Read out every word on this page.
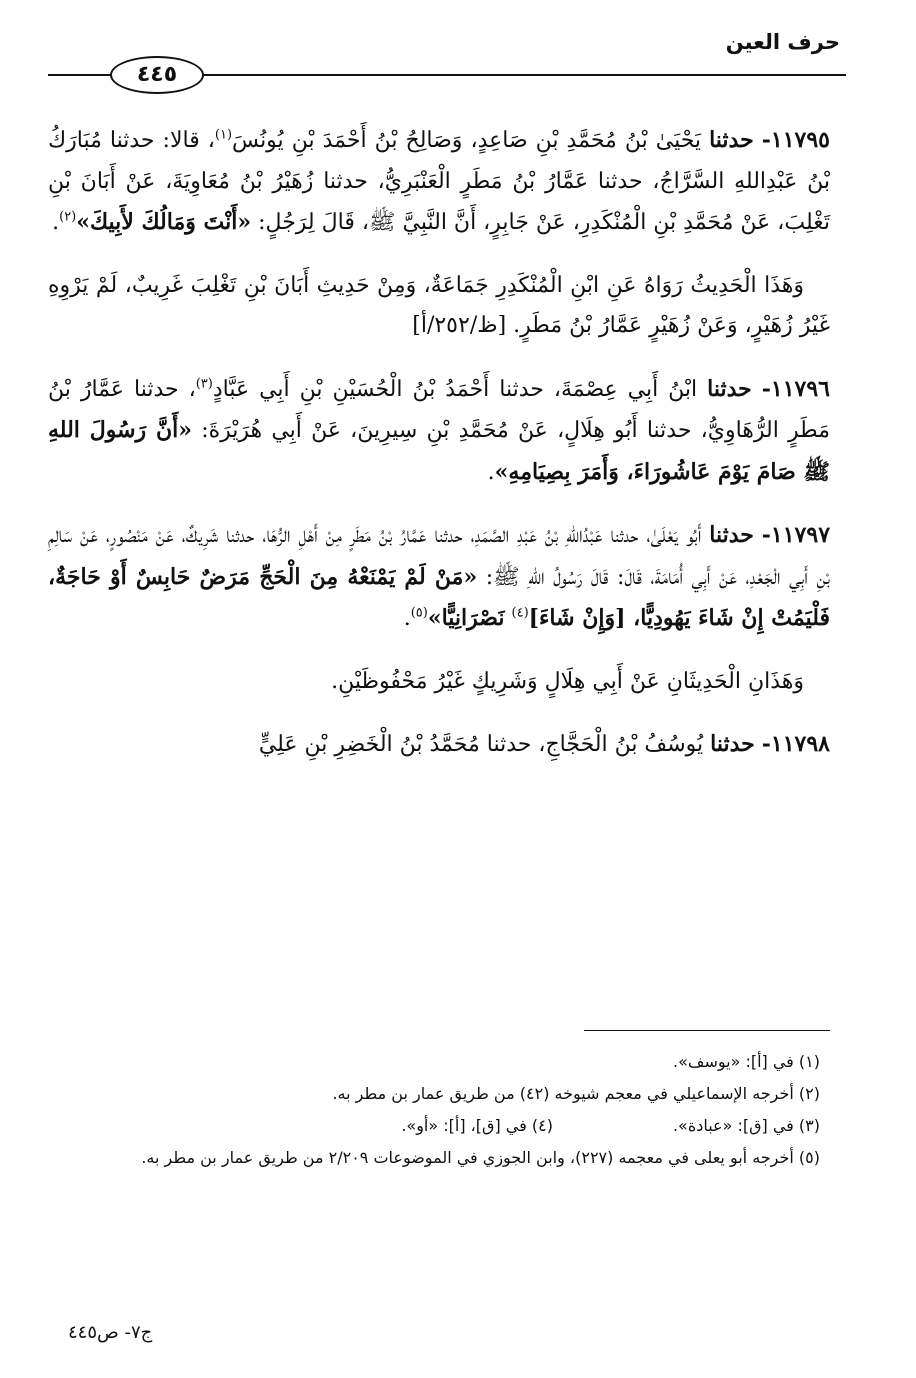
حرف العين
٤٤٥

١١٧٩٥- حدثنا يَحْيَىٰ بْنُ مُحَمَّدِ بْنِ صَاعِدٍ، وَصَالِحُ بْنُ أَحْمَدَ بْنِ يُونُسَ$^{(١)}$، قالا: حدثنا مُبَارَكُ بْنُ عَبْدِاللهِ السَّرَّاجُ، حدثنا عَمَّارُ بْنُ مَطَرٍ الْعَنْبَرِيُّ، حدثنا زُهَيْرُ بْنُ مُعَاوِيَةَ، عَنْ أَبَانَ بْنِ تَغْلِبَ، عَنْ مُحَمَّدِ بْنِ الْمُنْكَدِرِ، عَنْ جَابِرٍ، أَنَّ النَّبِيَّ ﷺ، قَالَ لِرَجُلٍ: «أَنْتَ وَمَالُكَ لأَبِيكَ»$^{(٢)}$.

وَهَذَا الْحَدِيثُ رَوَاهُ عَنِ ابْنِ الْمُنْكَدِرِ جَمَاعَةٌ، وَمِنْ حَدِيثِ أَبَانَ بْنِ تَغْلِبَ غَرِيبٌ، لَمْ يَرْوِهِ غَيْرُ زُهَيْرٍ، وَعَنْ زُهَيْرٍ عَمَّارُ بْنُ مَطَرٍ. [ظ/٢٥٢/أ]

١١٧٩٦- حدثنا ابْنُ أَبِي عِصْمَةَ، حدثنا أَحْمَدُ بْنُ الْحُسَيْنِ بْنِ أَبِي عَبَّادٍ$^{(٣)}$، حدثنا عَمَّارُ بْنُ مَطَرٍ الرُّهَاوِيُّ، حدثنا أَبُو هِلَالٍ، عَنْ مُحَمَّدِ بْنِ سِيرِينَ، عَنْ أَبِي هُرَيْرَةَ: «أَنَّ رَسُولَ اللهِ ﷺ صَامَ يَوْمَ عَاشُورَاءَ، وَأَمَرَ بِصِيَامِهِ».

١١٧٩٧- حدثنا أَبُو يَعْلَىٰ، حدثنا عَبْدُاللهِ بْنُ عَبْدِ الصَّمَدِ، حدثنا عَمَّارُ بْنُ مَطَرٍ مِنْ أَهْلِ الرُّهَا، حدثنا شَرِيكٌ، عَنْ مَنْصُورٍ، عَنْ سَالِمِ بْنِ أَبِي الْجَعْدِ، عَنْ أَبِي أُمَامَةَ، قَالَ: قَالَ رَسُولُ اللهِ ﷺ: «مَنْ لَمْ يَمْنَعْهُ مِنَ الْحَجِّ مَرَضٌ حَابِسٌ أَوْ حَاجَةٌ، فَلْيَمُتْ إِنْ شَاءَ يَهُودِيًّا، [وَإِنْ شَاءَ]$^{(٤)}$ نَصْرَانِيًّا»$^{(٥)}$.

وَهَذَانِ الْحَدِيثَانِ عَنْ أَبِي هِلَالٍ وَشَرِيكٍ غَيْرُ مَحْفُوظَيْنِ.

١١٧٩٨- حدثنا يُوسُفُ بْنُ الْحَجَّاجِ، حدثنا مُحَمَّدُ بْنُ الْخَضِرِ بْنِ عَلِيٍّ

(١) في [أ]: «يوسف».

(٢) أخرجه الإسماعيلي في معجم شيوخه (٤٢) من طريق عمار بن مطر به.

(٣) في [ق]: «عبادة».
(٤) في [ق]، [أ]: «أو».

(٥) أخرجه أبو يعلى في معجمه (٢٢٧)، وابن الجوزي في الموضوعات ٢/٢٠٩ من طريق عمار بن مطر به.

ج٧- ص٤٤٥
